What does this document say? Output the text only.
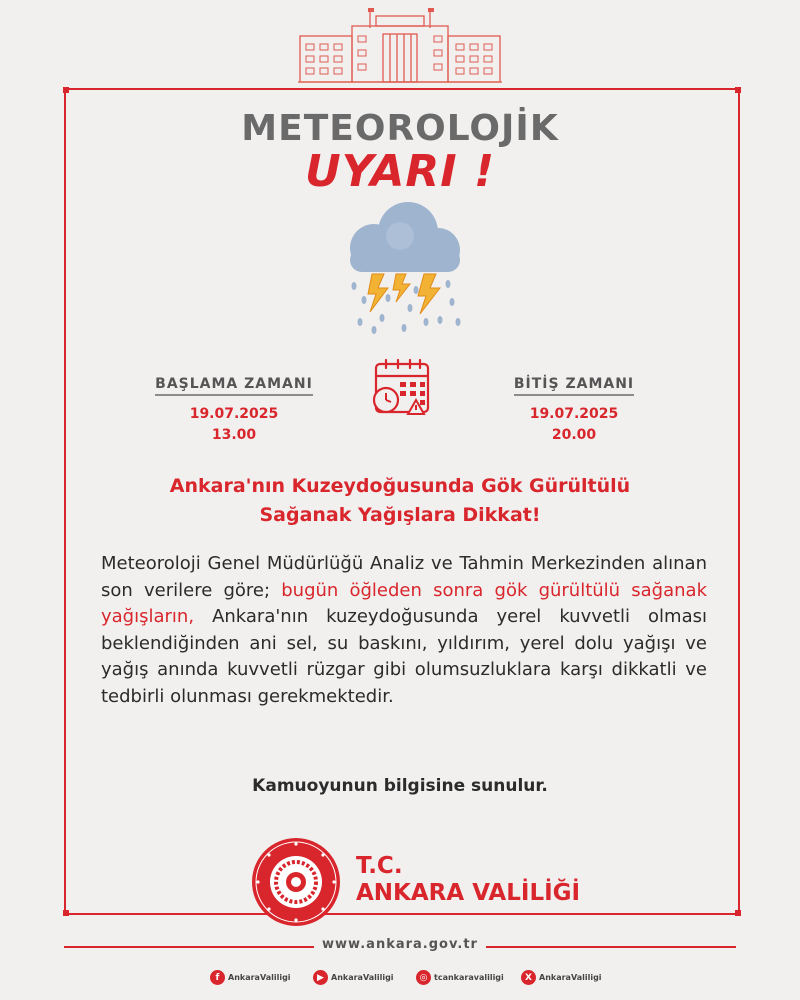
METEOROLOJİK
UYARI !
BAŞLAMA ZAMANI
19.07.2025
13.00
BİTİŞ ZAMANI
19.07.2025
20.00
Ankara'nın Kuzeydoğusunda Gök Gürültülü
Sağanak Yağışlara Dikkat!
Meteoroloji Genel Müdürlüğü Analiz ve Tahmin Merkezinden alınan son verilere göre; bugün öğleden sonra gök gürültülü sağanak yağışların, Ankara'nın kuzeydoğusunda yerel kuvvetli olması beklendiğinden ani sel, su baskını, yıldırım, yerel dolu yağışı ve yağış anında kuvvetli rüzgar gibi olumsuzluklara karşı dikkatli ve tedbirli olunması gerekmektedir.
Kamuoyunun bilgisine sunulur.
T.C.
ANKARA VALİLİĞİ
www.ankara.gov.tr
f	AnkaraValiligi	▶ AnkaraValiligi	◎ tcankaravaliligi	X AnkaraValiligi
